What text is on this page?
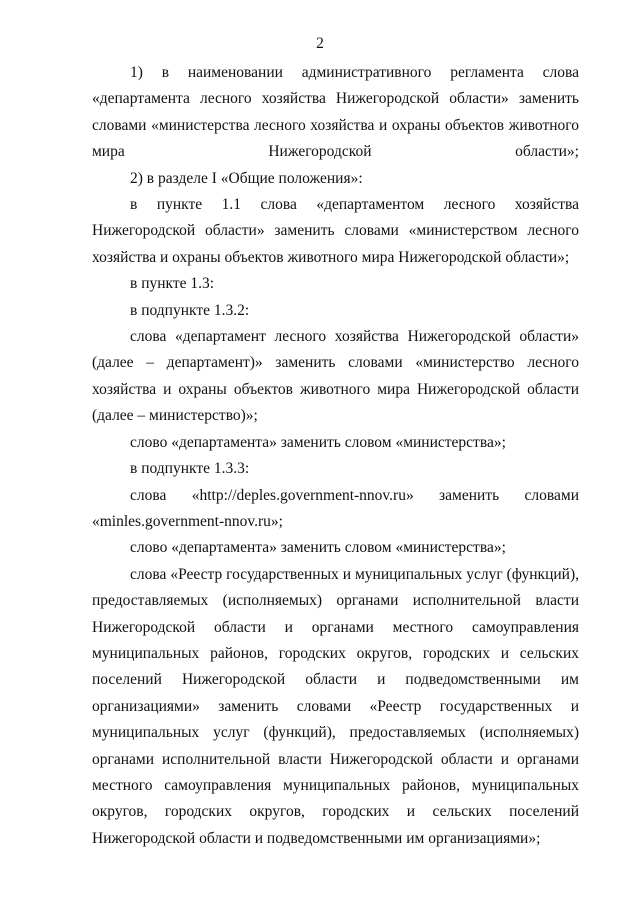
2

1) в наименовании административного регламента слова «департамента лесного хозяйства Нижегородской области» заменить словами «министерства лесного хозяйства и охраны объектов животного мира Нижегородской области»;

2) в разделе I «Общие положения»:

в пункте 1.1 слова «департаментом лесного хозяйства Нижегородской области» заменить словами «министерством лесного хозяйства и охраны объектов животного мира Нижегородской области»;

в пункте 1.3:

в подпункте 1.3.2:

слова «департамент лесного хозяйства Нижегородской области» (далее – департамент)» заменить словами «министерство лесного хозяйства и охраны объектов животного мира Нижегородской области (далее – министерство)»;

слово «департамента» заменить словом «министерства»;

в подпункте 1.3.3:

слова «http://deples.government-nnov.ru» заменить словами «minles.government-nnov.ru»;

слово «департамента» заменить словом «министерства»;

слова «Реестр государственных и муниципальных услуг (функций), предоставляемых (исполняемых) органами исполнительной власти Нижегородской области и органами местного самоуправления муниципальных районов, городских округов, городских и сельских поселений Нижегородской области и подведомственными им организациями» заменить словами «Реестр государственных и муниципальных услуг (функций), предоставляемых (исполняемых) органами исполнительной власти Нижегородской области и органами местного самоуправления муниципальных районов, муниципальных округов, городских округов, городских и сельских поселений Нижегородской области и подведомственными им организациями»;
